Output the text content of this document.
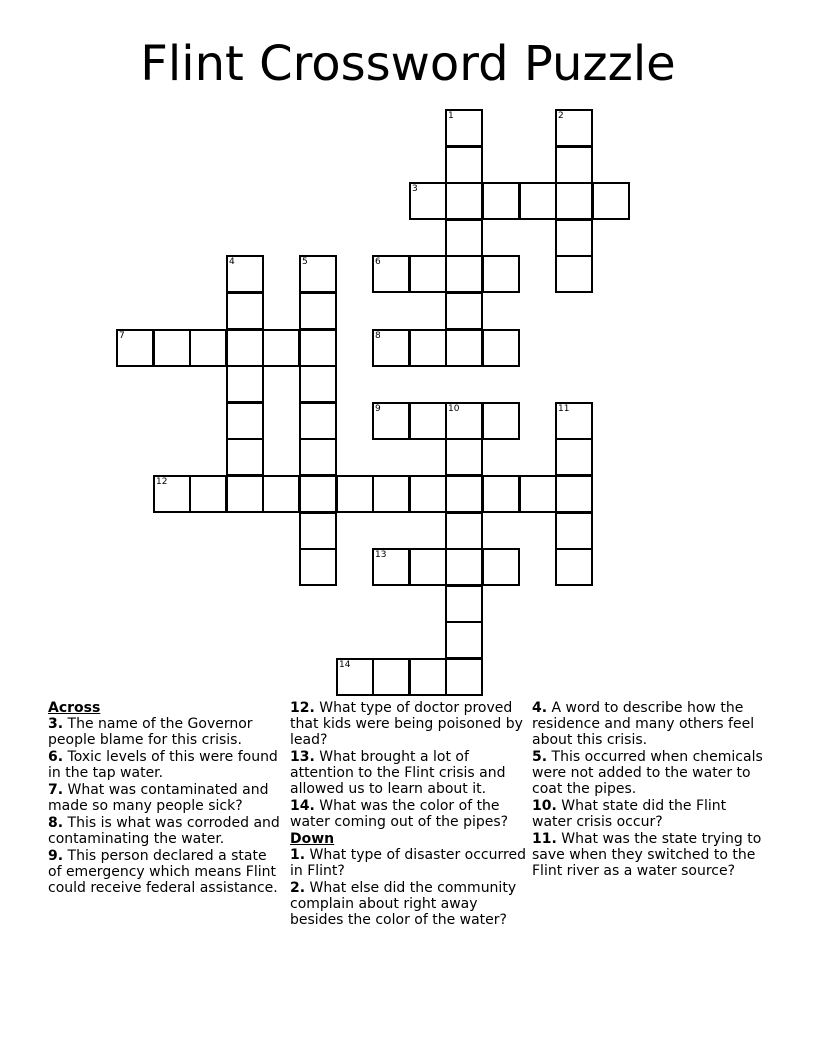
Flint Crossword Puzzle
1	2
3
4	5	6
7	8
9	10	11
12
13
14
Across
3. The name of the Governor people blame for this crisis.
6. Toxic levels of this were found in the tap water.
7. What was contaminated and made so many people sick?
8. This is what was corroded and contaminating the water.
9. This person declared a state of emergency which means Flint could receive federal assistance.
12. What type of doctor proved that kids were being poisoned by lead?
13. What brought a lot of attention to the Flint crisis and allowed us to learn about it.
14. What was the color of the water coming out of the pipes?
Down
1. What type of disaster occurred in Flint?
2. What else did the community complain about right away besides the color of the water?
4. A word to describe how the residence and many others feel about this crisis.
5. This occurred when chemicals were not added to the water to coat the pipes.
10. What state did the Flint water crisis occur?
11. What was the state trying to save when they switched to the Flint river as a water source?
